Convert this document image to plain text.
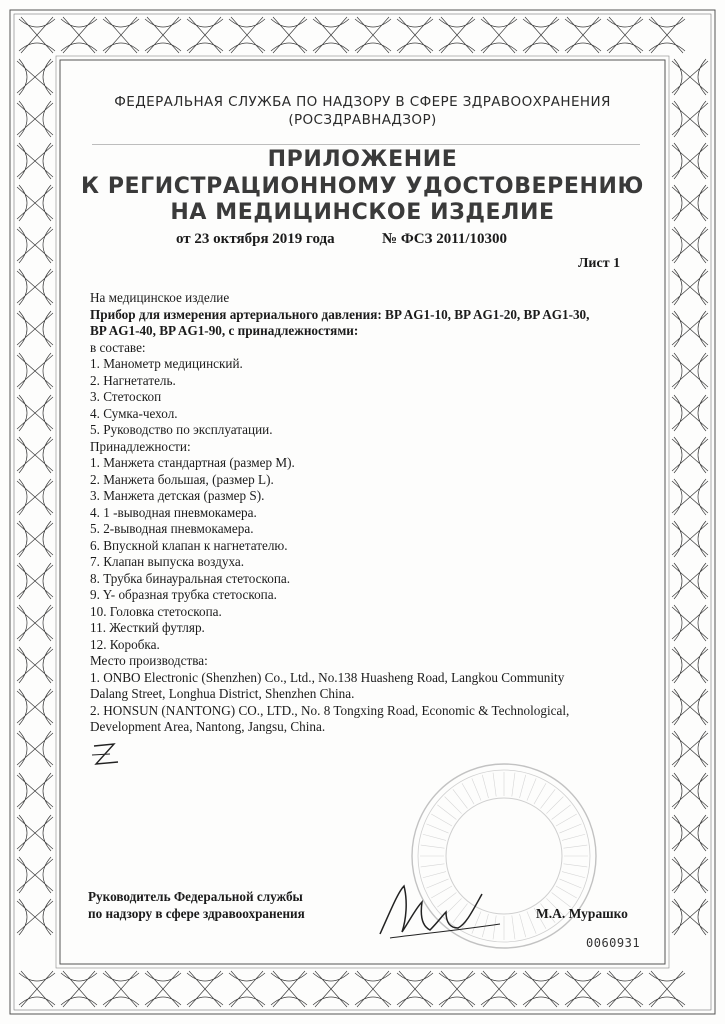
ФЕДЕРАЛЬНАЯ СЛУЖБА ПО НАДЗОРУ В СФЕРЕ ЗДРАВООХРАНЕНИЯ
(РОСЗДРАВНАДЗОР)
ПРИЛОЖЕНИЕ
К РЕГИСТРАЦИОННОМУ УДОСТОВЕРЕНИЮ
НА МЕДИЦИНСКОЕ ИЗДЕЛИЕ
от 23 октября 2019 года	№ ФСЗ 2011/10300
Лист 1
На медицинское изделие
Прибор для измерения артериального давления: BP AG1-10, BP AG1-20, BP AG1-30,
BP AG1-40, BP AG1-90, с принадлежностями:
в составе:
1. Манометр медицинский.
2. Нагнетатель.
3. Стетоскоп
4. Сумка-чехол.
5. Руководство по эксплуатации.
Принадлежности:
1. Манжета стандартная (размер М).
2. Манжета большая, (размер L).
3. Манжета детская (размер S).
4. 1 -выводная пневмокамера.
5. 2-выводная пневмокамера.
6. Впускной клапан к нагнетателю.
7. Клапан выпуска воздуха.
8. Трубка бинауральная стетоскопа.
9. Y- образная трубка стетоскопа.
10. Головка стетоскопа.
11. Жесткий футляр.
12. Коробка.
Место производства:
1. ONBO Electronic (Shenzhen) Co., Ltd., No.138 Huasheng Road, Langkou Community
Dalang Street, Longhua District, Shenzhen China.
2. HONSUN (NANTONG) CO., LTD., No. 8 Tongxing Road, Economic & Technological,
Development Area, Nantong, Jangsu, China.
Руководитель Федеральной службы
по надзору в сфере здравоохранения	М.А. Мурашко
0060931
